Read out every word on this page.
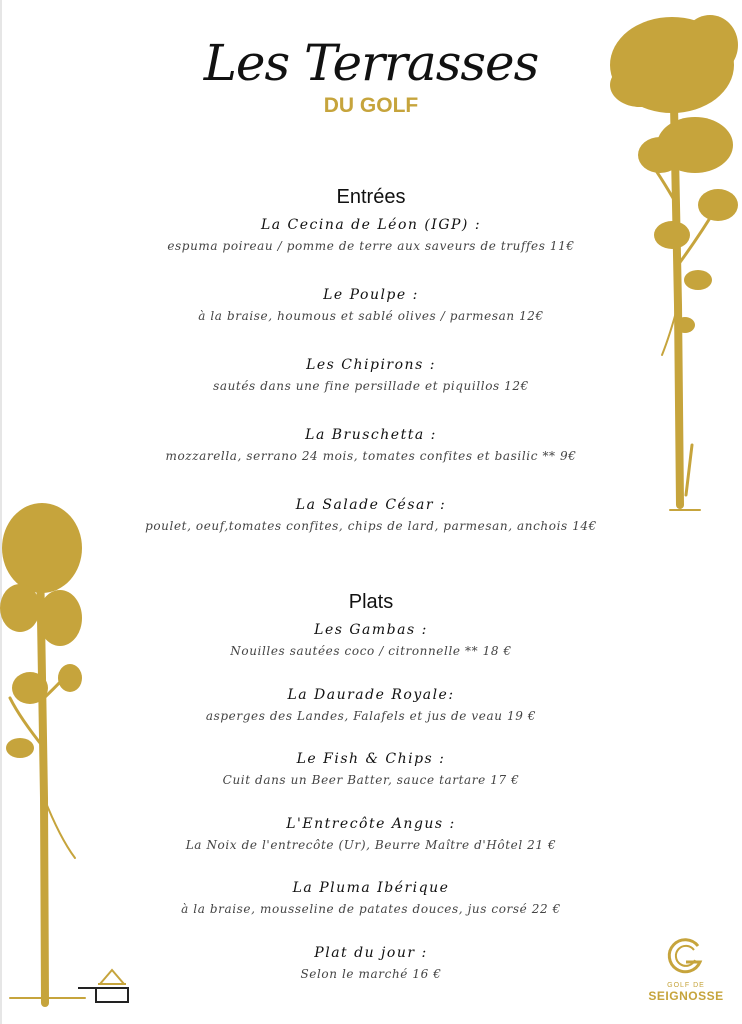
Les Terrasses
DU GOLF
Entrées
La Cecina de Léon (IGP) :
espuma poireau / pomme de terre aux saveurs de truffes 11€
Le Poulpe :
à la braise, houmous et sablé olives / parmesan 12€
Les Chipirons :
sautés dans une fine persillade et piquillos 12€
La Bruschetta :
mozzarella, serrano 24 mois, tomates confites et basilic ** 9€
La Salade César :
poulet, oeuf,tomates confites, chips de lard, parmesan, anchois 14€
Plats
Les Gambas :
Nouilles sautées coco / citronnelle ** 18 €
La Daurade Royale:
asperges des Landes, Falafels et jus de veau 19 €
Le Fish & Chips :
Cuit dans un Beer Batter, sauce tartare 17 €
L'Entrecôte Angus :
La Noix de l'entrecôte (Ur), Beurre Maître d'Hôtel 21 €
La Pluma Ibérique
à la braise, mousseline de patates douces, jus corsé 22 €
Plat du jour :
Selon le marché 16 €
GOLF DE
SEIGNOSSE
